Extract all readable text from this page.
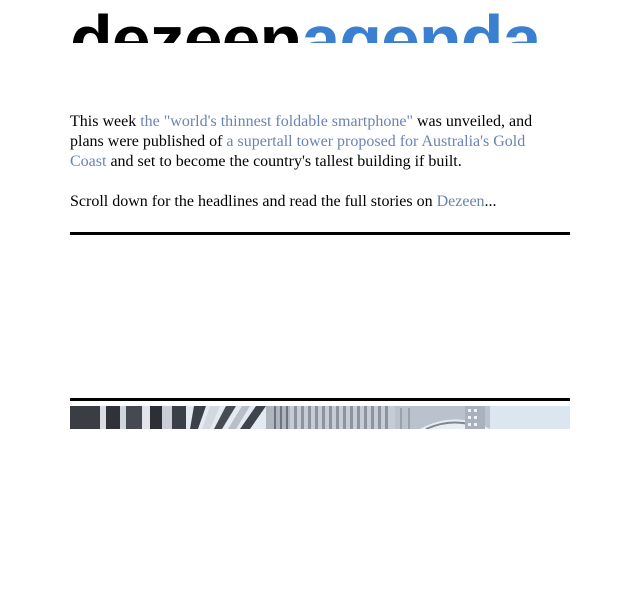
dezeenagenda

This week the "world's thinnest foldable smartphone" was unveiled, and plans were published of a supertall tower proposed for Australia's Gold Coast and set to become the country's tallest building if built.

Scroll down for the headlines and read the full stories on Dezeen...
